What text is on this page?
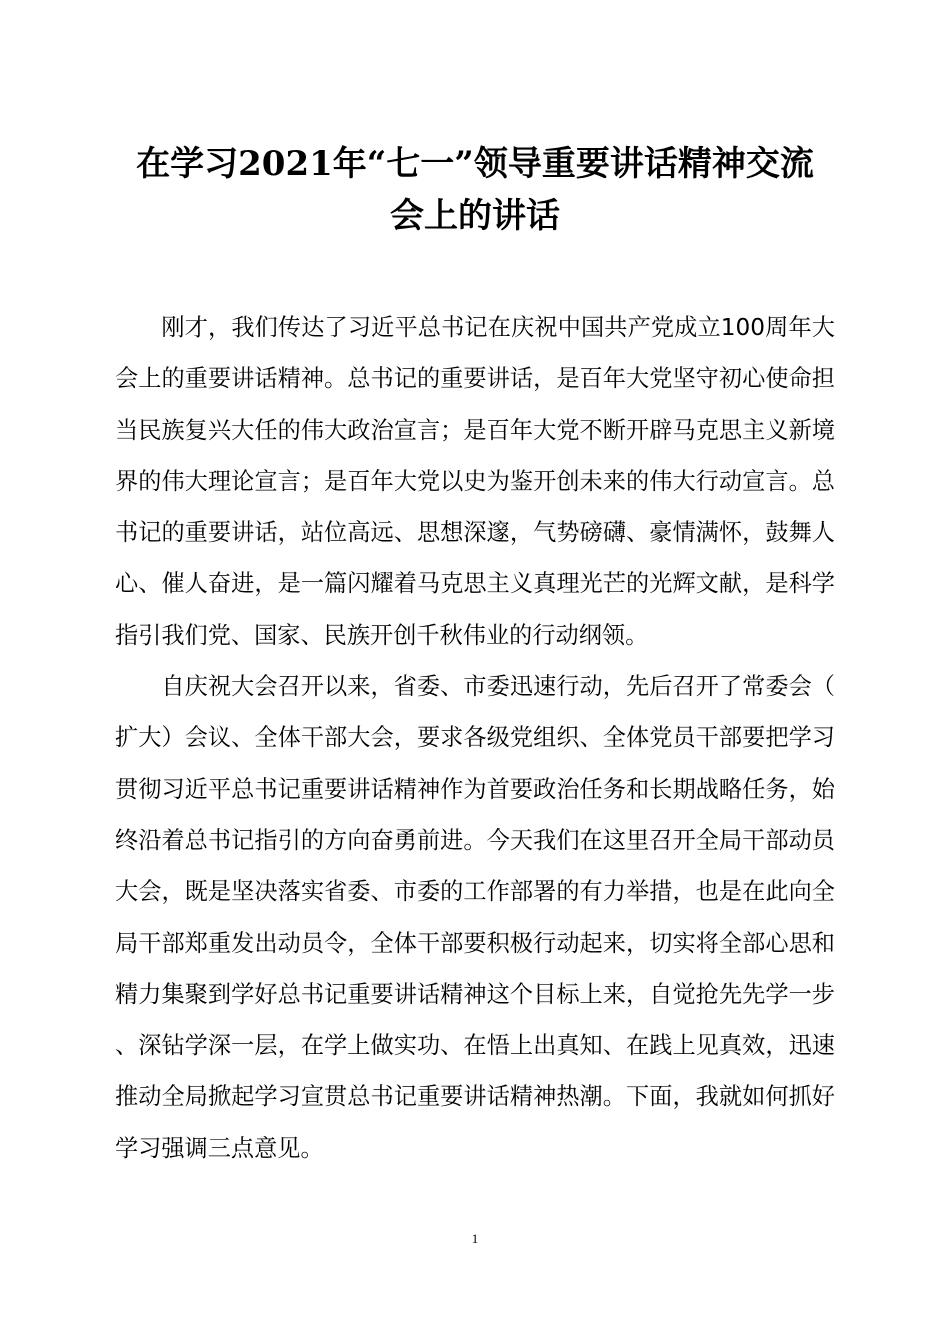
在学习2021年“七一”领导重要讲话精神交流
会上的讲话

刚才，我们传达了习近平总书记在庆祝中国共产党成立100周年大会上的重要讲话精神。总书记的重要讲话，是百年大党坚守初心使命担当民族复兴大任的伟大政治宣言；是百年大党不断开辟马克思主义新境界的伟大理论宣言；是百年大党以史为鉴开创未来的伟大行动宣言。总书记的重要讲话，站位高远、思想深邃，气势磅礴、豪情满怀，鼓舞人心、催人奋进，是一篇闪耀着马克思主义真理光芒的光辉文献，是科学指引我们党、国家、民族开创千秋伟业的行动纲领。

自庆祝大会召开以来，省委、市委迅速行动，先后召开了常委会（扩大）会议、全体干部大会，要求各级党组织、全体党员干部要把学习贯彻习近平总书记重要讲话精神作为首要政治任务和长期战略任务，始终沿着总书记指引的方向奋勇前进。今天我们在这里召开全局干部动员大会，既是坚决落实省委、市委的工作部署的有力举措，也是在此向全局干部郑重发出动员令，全体干部要积极行动起来，切实将全部心思和精力集聚到学好总书记重要讲话精神这个目标上来，自觉抢先先学一步、深钻学深一层，在学上做实功、在悟上出真知、在践上见真效，迅速推动全局掀起学习宣贯总书记重要讲话精神热潮。下面，我就如何抓好学习强调三点意见。

1
